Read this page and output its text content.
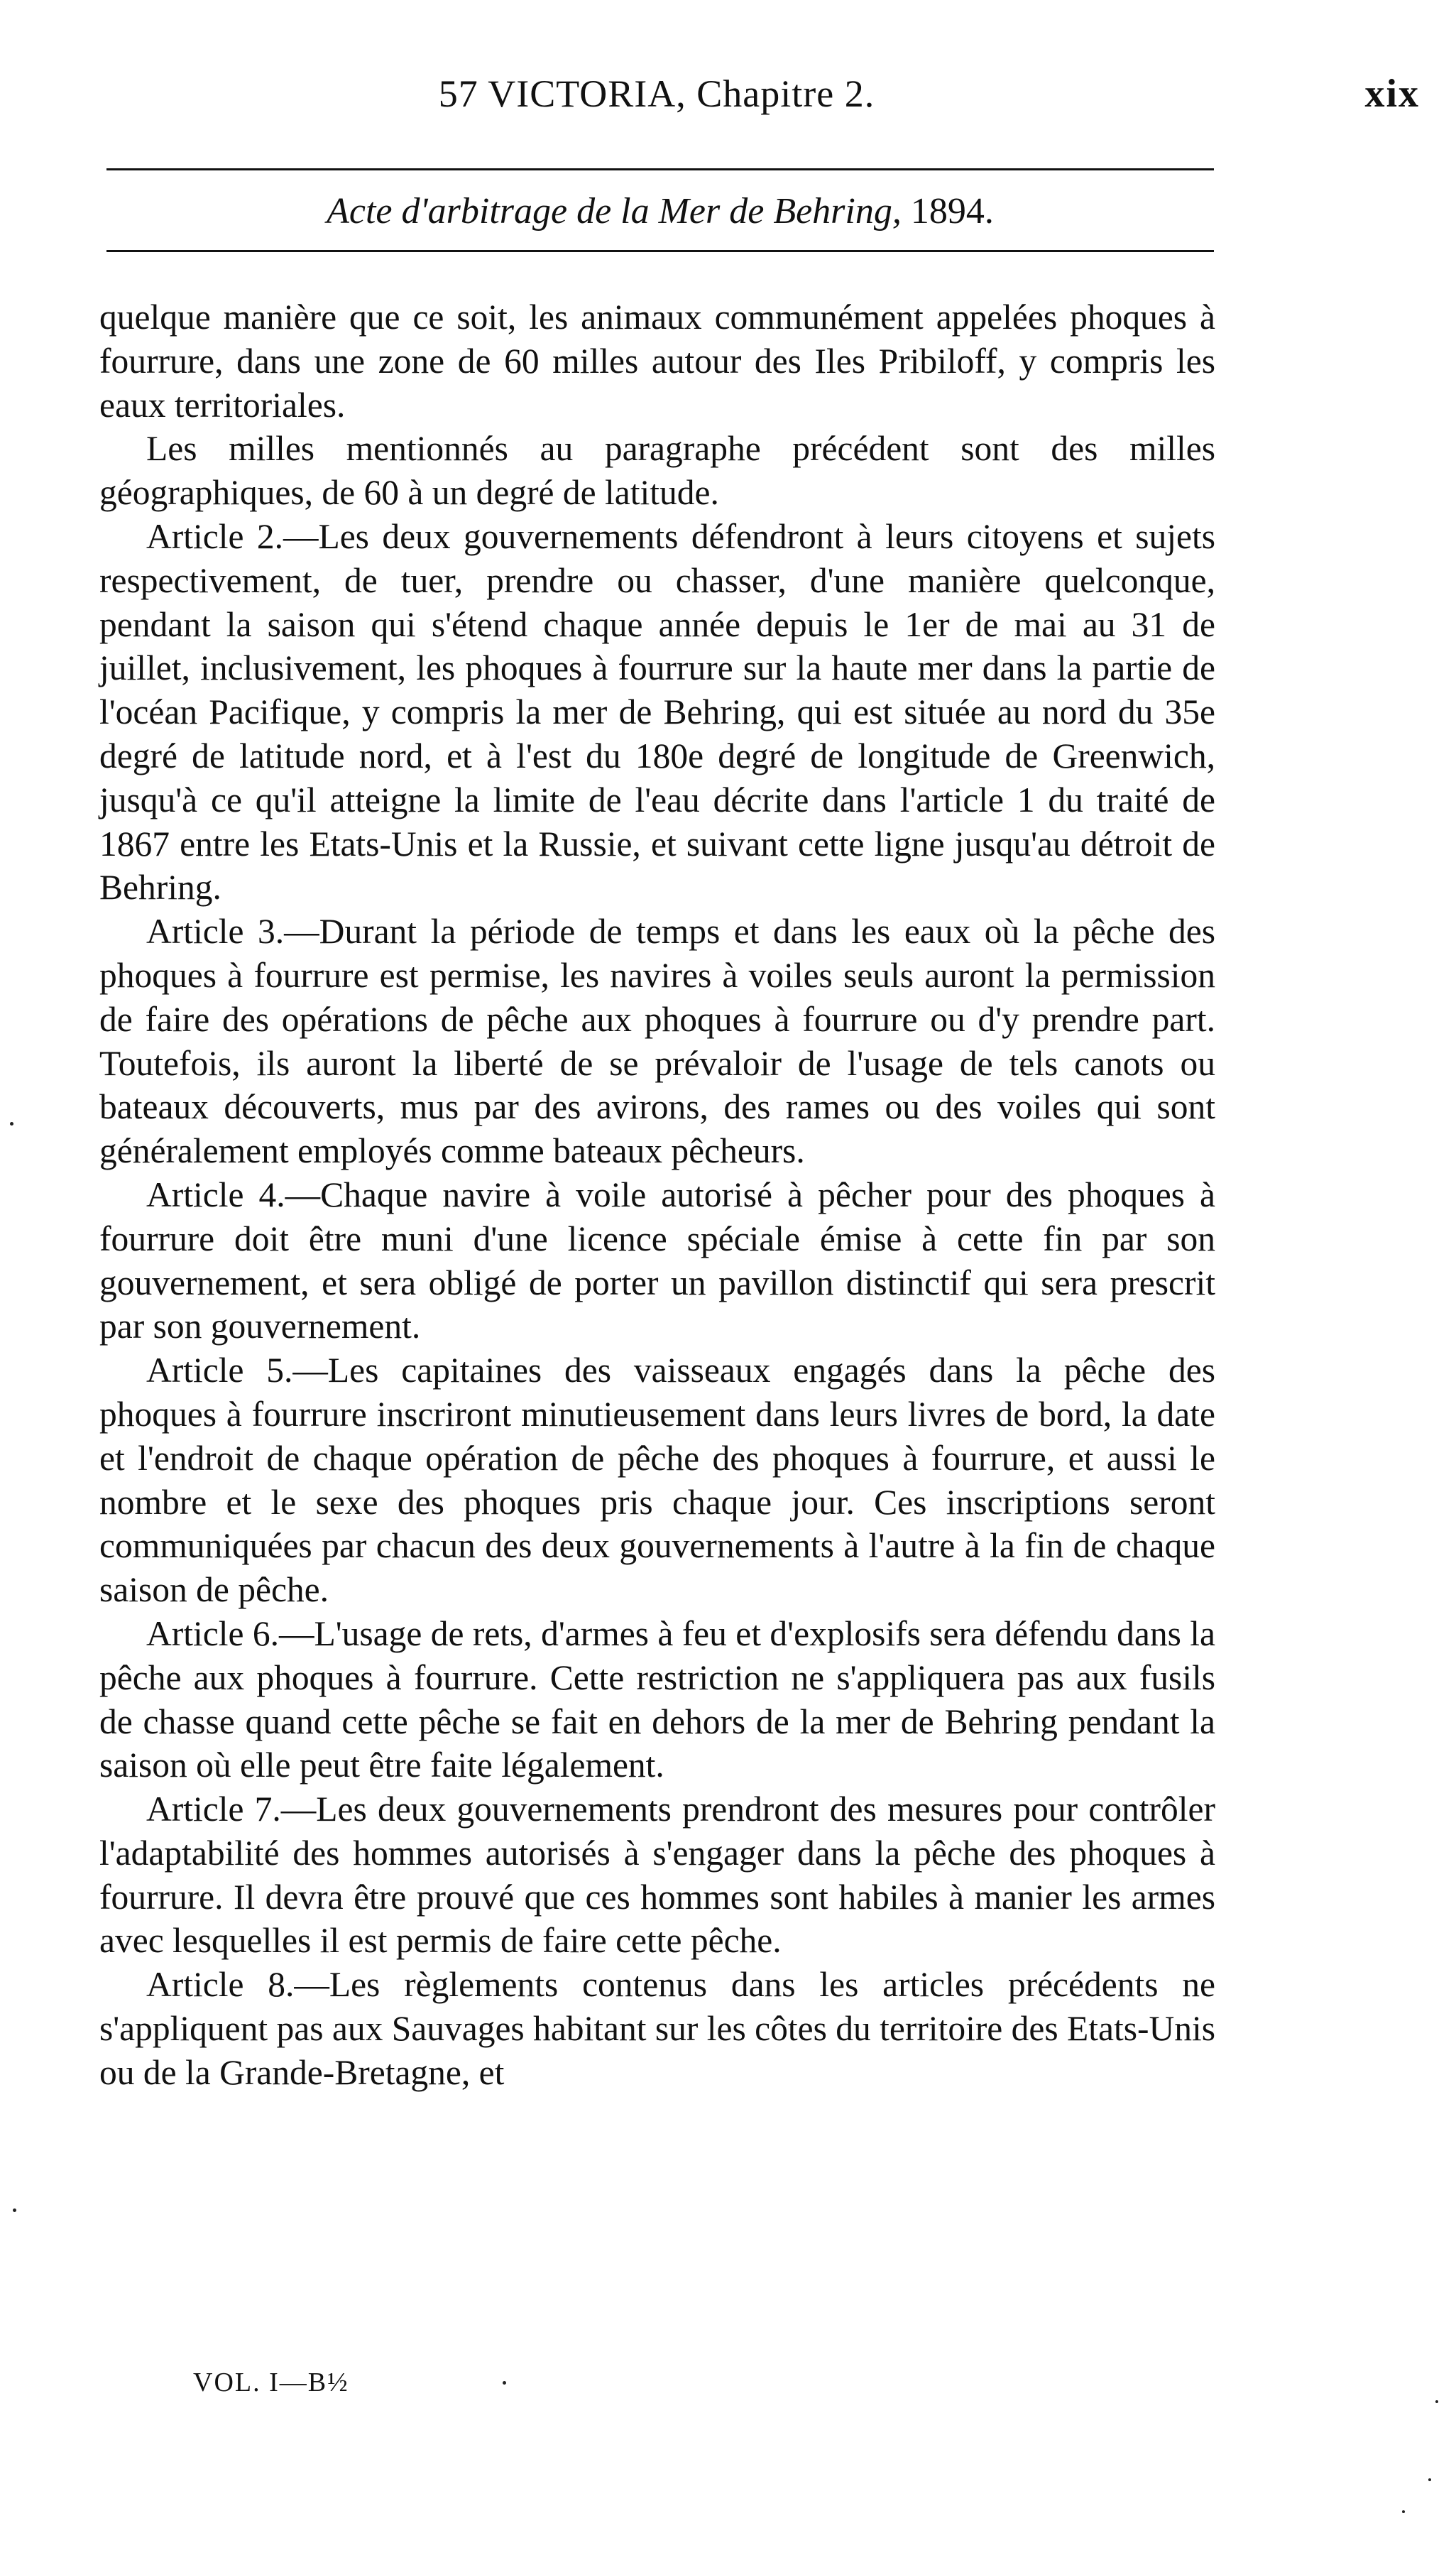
57 VICTORIA, Chapitre 2.	xix
Acte d'arbitrage de la Mer de Behring, 1894.

quelque manière que ce soit, les animaux communément appelées phoques à fourrure, dans une zone de 60 milles autour des Iles Pribiloff, y compris les eaux territoriales.

Les milles mentionnés au paragraphe précédent sont des milles géographiques, de 60 à un degré de latitude.

Article 2.—Les deux gouvernements défendront à leurs citoyens et sujets respectivement, de tuer, prendre ou chasser, d'une manière quelconque, pendant la saison qui s'étend chaque année depuis le 1er de mai au 31 de juillet, inclusivement, les phoques à fourrure sur la haute mer dans la partie de l'océan Pacifique, y compris la mer de Behring, qui est située au nord du 35e degré de latitude nord, et à l'est du 180e degré de longitude de Greenwich, jusqu'à ce qu'il atteigne la limite de l'eau décrite dans l'article 1 du traité de 1867 entre les Etats-Unis et la Russie, et suivant cette ligne jusqu'au détroit de Behring.

Article 3.—Durant la période de temps et dans les eaux où la pêche des phoques à fourrure est permise, les navires à voiles seuls auront la permission de faire des opérations de pêche aux phoques à fourrure ou d'y prendre part. Toutefois, ils auront la liberté de se prévaloir de l'usage de tels canots ou bateaux découverts, mus par des avirons, des rames ou des voiles qui sont généralement employés comme bateaux pêcheurs.

Article 4.—Chaque navire à voile autorisé à pêcher pour des phoques à fourrure doit être muni d'une licence spéciale émise à cette fin par son gouvernement, et sera obligé de porter un pavillon distinctif qui sera prescrit par son gouvernement.

Article 5.—Les capitaines des vaisseaux engagés dans la pêche des phoques à fourrure inscriront minutieusement dans leurs livres de bord, la date et l'endroit de chaque opération de pêche des phoques à fourrure, et aussi le nombre et le sexe des phoques pris chaque jour. Ces inscriptions seront communiquées par chacun des deux gouvernements à l'autre à la fin de chaque saison de pêche.

Article 6.—L'usage de rets, d'armes à feu et d'explosifs sera défendu dans la pêche aux phoques à fourrure. Cette restriction ne s'appliquera pas aux fusils de chasse quand cette pêche se fait en dehors de la mer de Behring pendant la saison où elle peut être faite légalement.

Article 7.—Les deux gouvernements prendront des mesures pour contrôler l'adaptabilité des hommes autorisés à s'engager dans la pêche des phoques à fourrure. Il devra être prouvé que ces hommes sont habiles à manier les armes avec lesquelles il est permis de faire cette pêche.

Article 8.—Les règlements contenus dans les articles précédents ne s'appliquent pas aux Sauvages habitant sur les côtes du territoire des Etats-Unis ou de la Grande-Bretagne, et

VOL. I—B½
